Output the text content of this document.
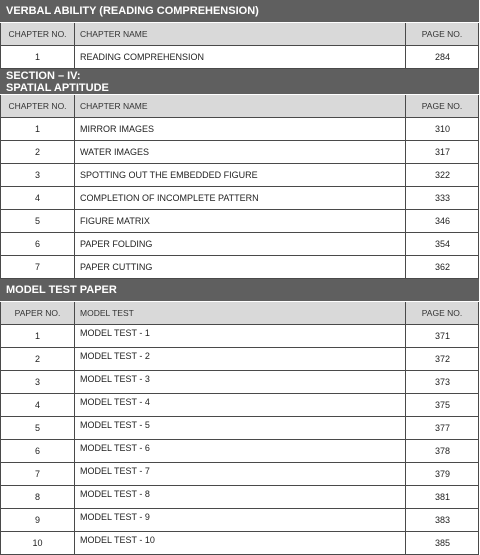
VERBAL ABILITY (READING COMPREHENSION)
CHAPTER NO.	CHAPTER NAME	PAGE NO.
1	READING COMPREHENSION	284
SECTION – IV:
SPATIAL APTITUDE
CHAPTER NO.	CHAPTER NAME	PAGE NO.
1	MIRROR IMAGES	310
2	WATER IMAGES	317
3	SPOTTING OUT THE EMBEDDED FIGURE	322
4	COMPLETION OF INCOMPLETE PATTERN	333
5	FIGURE MATRIX	346
6	PAPER FOLDING	354
7	PAPER CUTTING	362
MODEL TEST PAPER
PAPER NO.	MODEL TEST	PAGE NO.
1	MODEL TEST - 1	371
2	MODEL TEST - 2	372
3	MODEL TEST - 3	373
4	MODEL TEST - 4	375
5	MODEL TEST - 5	377
6	MODEL TEST - 6	378
7	MODEL TEST - 7	379
8	MODEL TEST - 8	381
9	MODEL TEST - 9	383
10	MODEL TEST - 10	385
